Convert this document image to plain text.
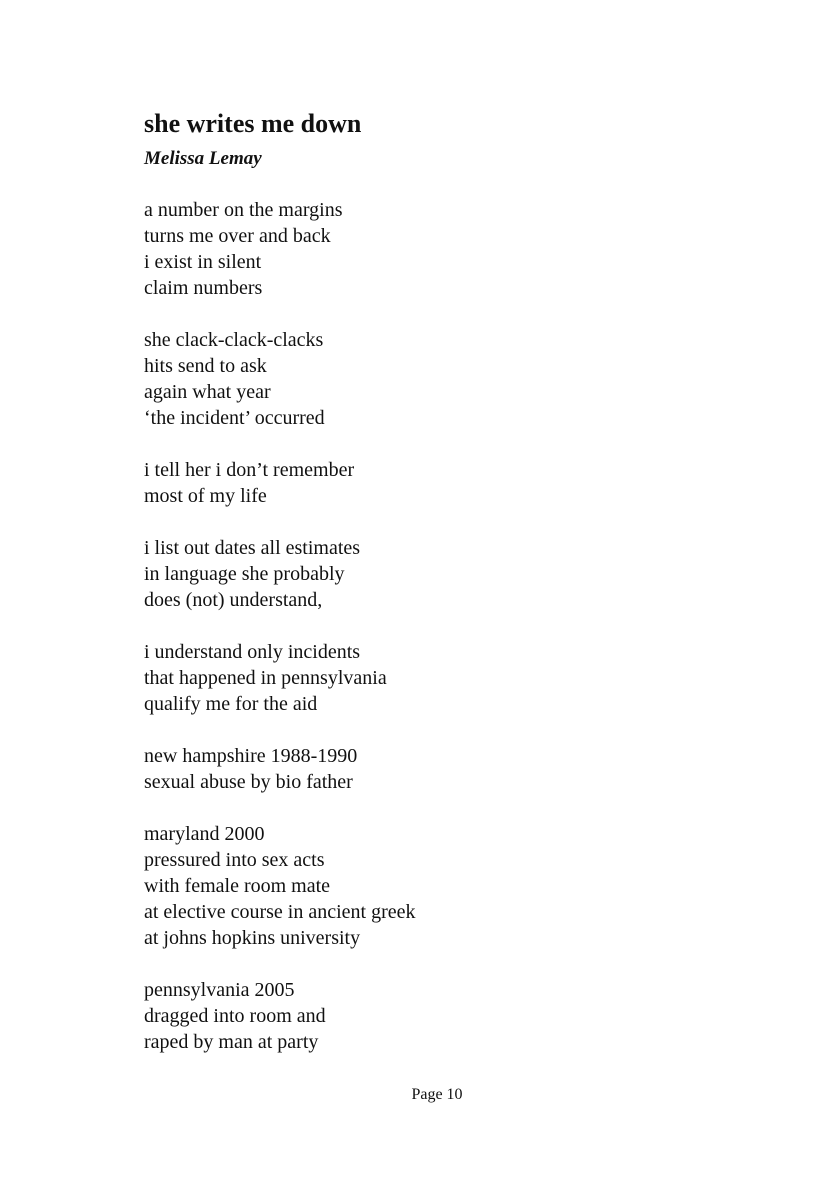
she writes me down

Melissa Lemay

a number on the margins
turns me over and back
i exist in silent
claim numbers
she clack-clack-clacks
hits send to ask
again what year
‘the incident’ occurred
i tell her i don’t remember
most of my life
i list out dates all estimates
in language she probably
does (not) understand,
i understand only incidents
that happened in pennsylvania
qualify me for the aid
new hampshire 1988-1990
sexual abuse by bio father
maryland 2000
pressured into sex acts
with female room mate
at elective course in ancient greek
at johns hopkins university
pennsylvania 2005
dragged into room and
raped by man at party
Page 10
